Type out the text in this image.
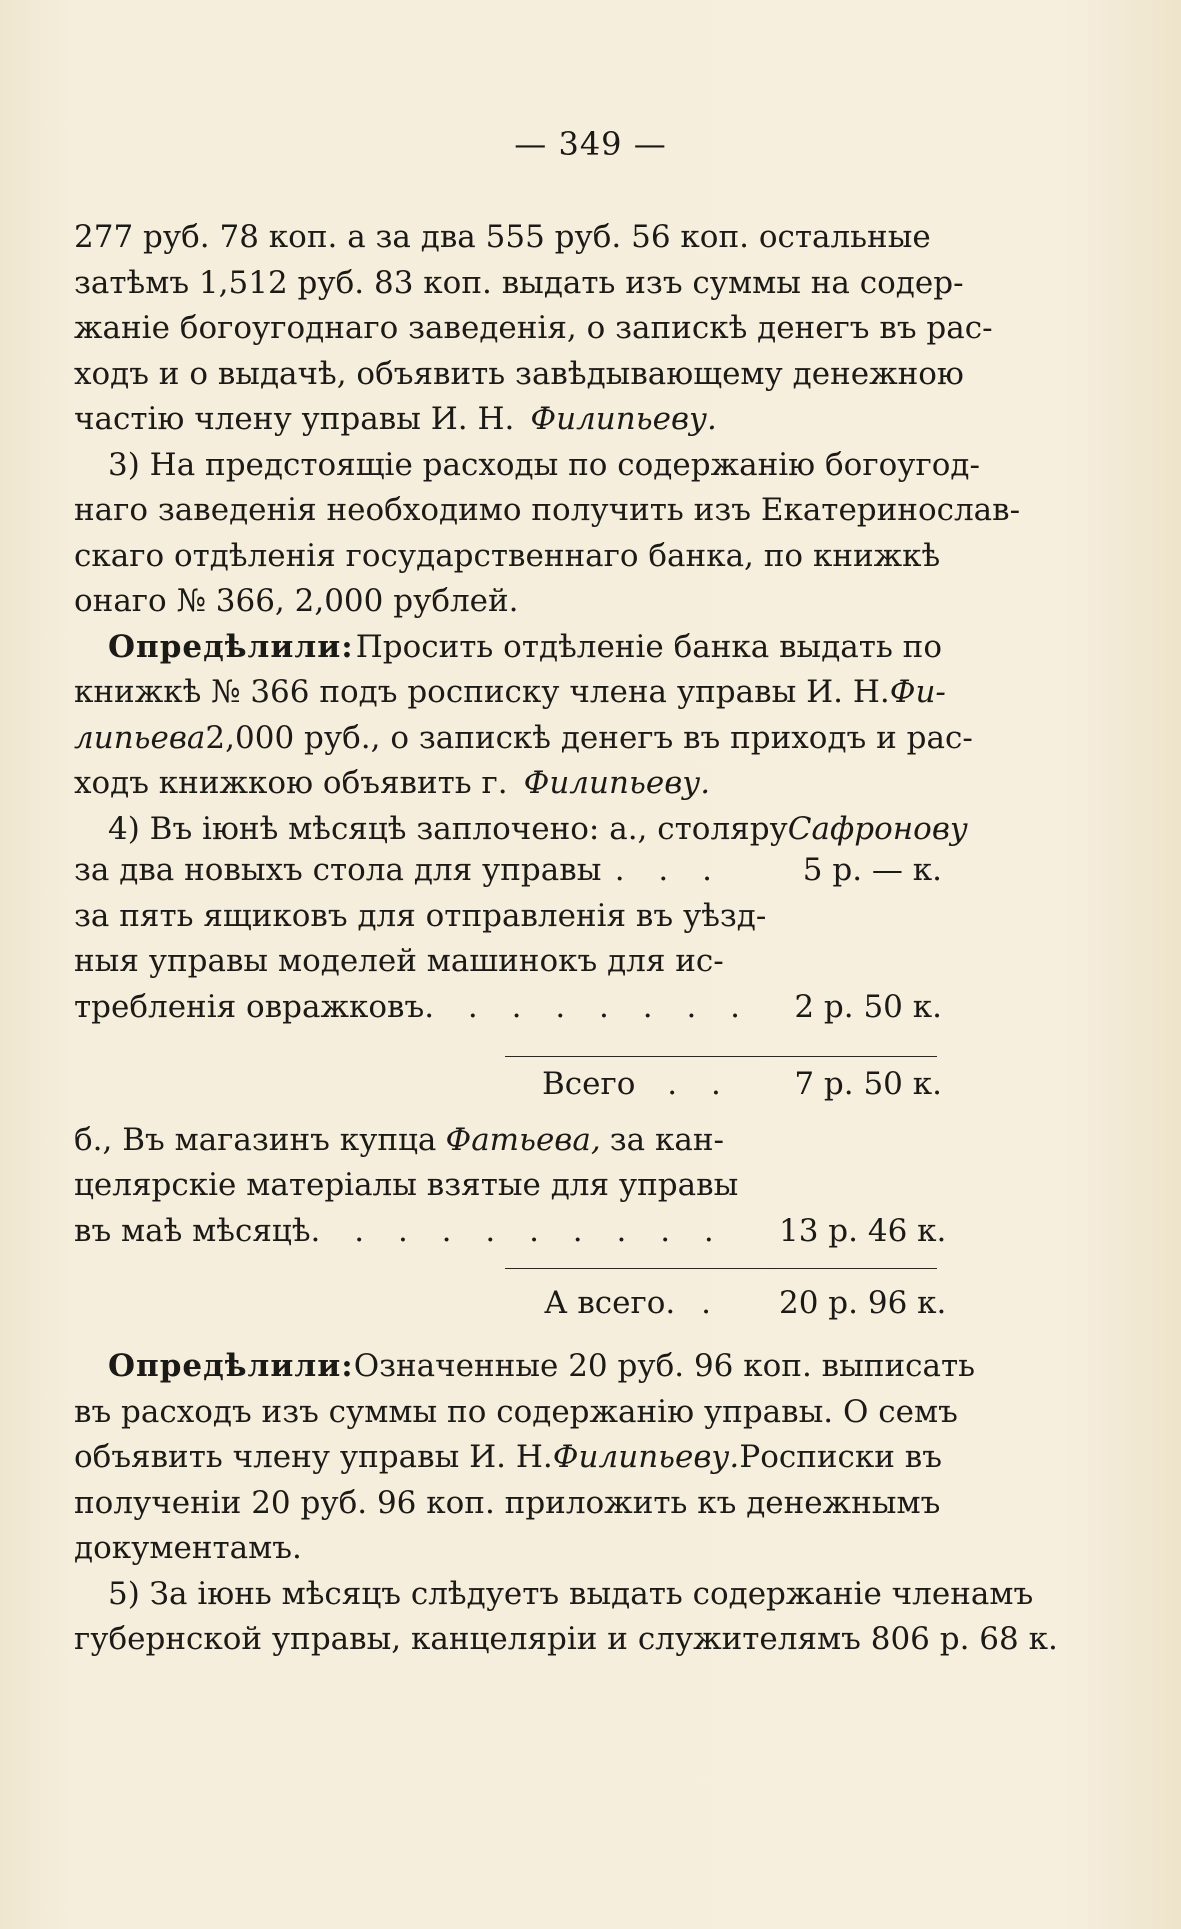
— 349 —
277 руб. 78 коп. а за два 555 руб. 56 коп. остальные
затѣмъ 1,512 руб. 83 коп. выдать изъ суммы на содер-
жаніе богоугоднаго заведенія, о запискѣ денегъ въ рас-
ходъ и о выдачѣ, объявить завѣдывающему денежною
частію члену управы И. Н. Филипьеву.
3) На предстоящіе расходы по содержанію богоугод-
наго заведенія необходимо получить изъ Екатеринослав-
скаго отдѣленія государственнаго банка, по книжкѣ
онаго № 366, 2,000 рублей.
Опредѣлили: Просить отдѣленіе банка выдать по
книжкѣ № 366 подъ росписку члена управы И. Н. Фи-
липьева 2,000 руб., о запискѣ денегъ въ приходъ и рас-
ходъ книжкою объявить г. Филипьеву.
4) Въ іюнѣ мѣсяцѣ заплочено: а., столяру Сафронову
за два новыхъ стола для управы . . .	5 р. — к.
за пять ящиковъ для отправленія въ уѣзд-
ныя управы моделей машинокъ для ис-
требленія овражковъ . . . . . . . .	2 р. 50 к.
Всего . .	7 р. 50 к.
б., Въ магазинъ купца Фатьева, за кан-
целярскіе матеріалы взятые для управы
въ маѣ мѣсяцѣ . . . . . . . . . . 13 р. 46 к.
А всего. .	20 р. 96 к.
Опредѣлили: Означенные 20 руб. 96 коп. выписать
въ расходъ изъ суммы по содержанію управы. О семъ
объявить члену управы И. Н. Филипьеву. Росписки въ
полученіи 20 руб. 96 коп. приложить къ денежнымъ
документамъ.
5) За іюнь мѣсяцъ слѣдуетъ выдать содержаніе членамъ
губернской управы, канцеляріи и служителямъ 806 р. 68 к.
